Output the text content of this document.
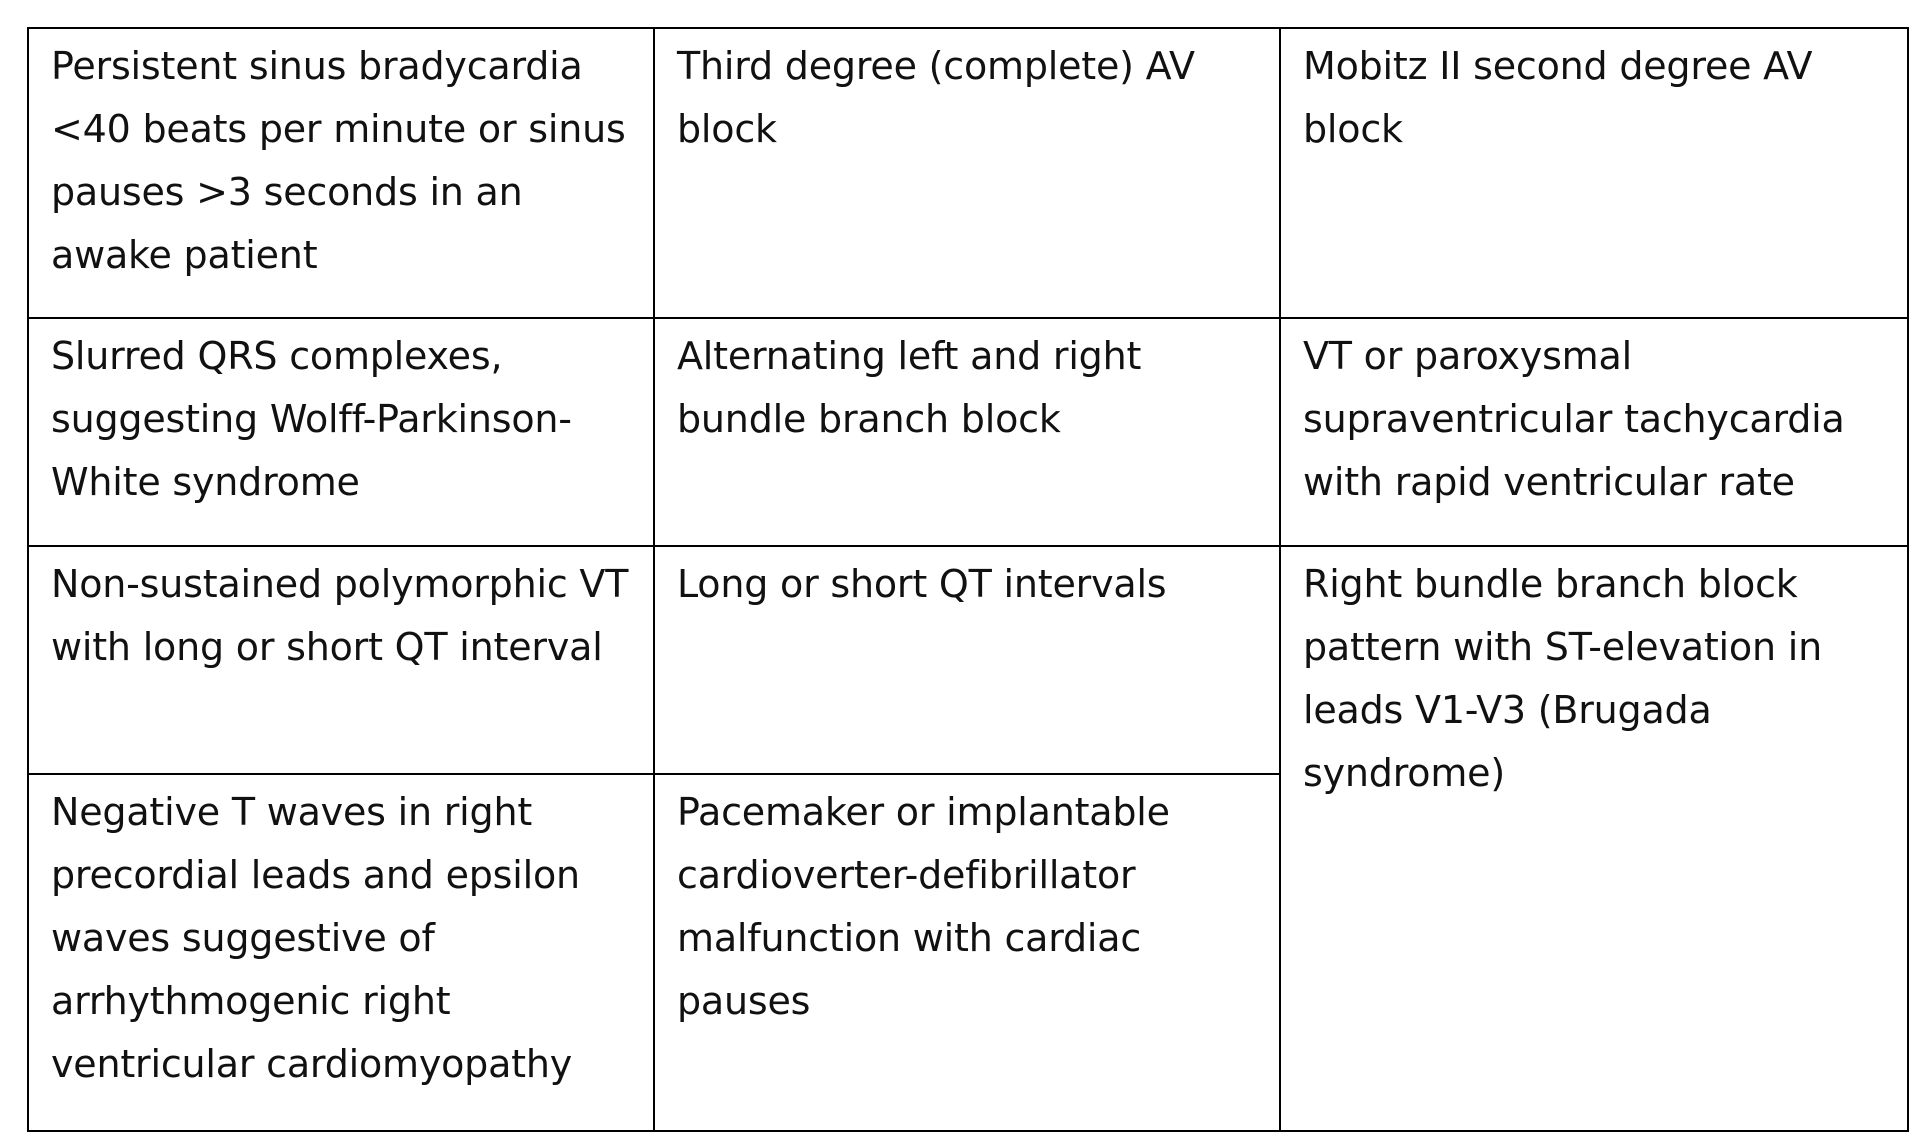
Persistent sinus bradycardia <40 beats per minute or sinus pauses >3 seconds in an awake patient	Third degree (complete) AV block	Mobitz II second degree AV block
Slurred QRS complexes, suggesting Wolff-Parkinson-White syndrome	Alternating left and right bundle branch block	VT or paroxysmal supraventricular tachycardia with rapid ventricular rate
Non-sustained polymorphic VT with long or short QT interval	Long or short QT intervals	Right bundle branch block pattern with ST-elevation in leads V1-V3 (Brugada syndrome)
Negative T waves in right precordial leads and epsilon waves suggestive of arrhythmogenic right ventricular cardiomyopathy	Pacemaker or implantable cardioverter-defibrillator malfunction with cardiac pauses	
